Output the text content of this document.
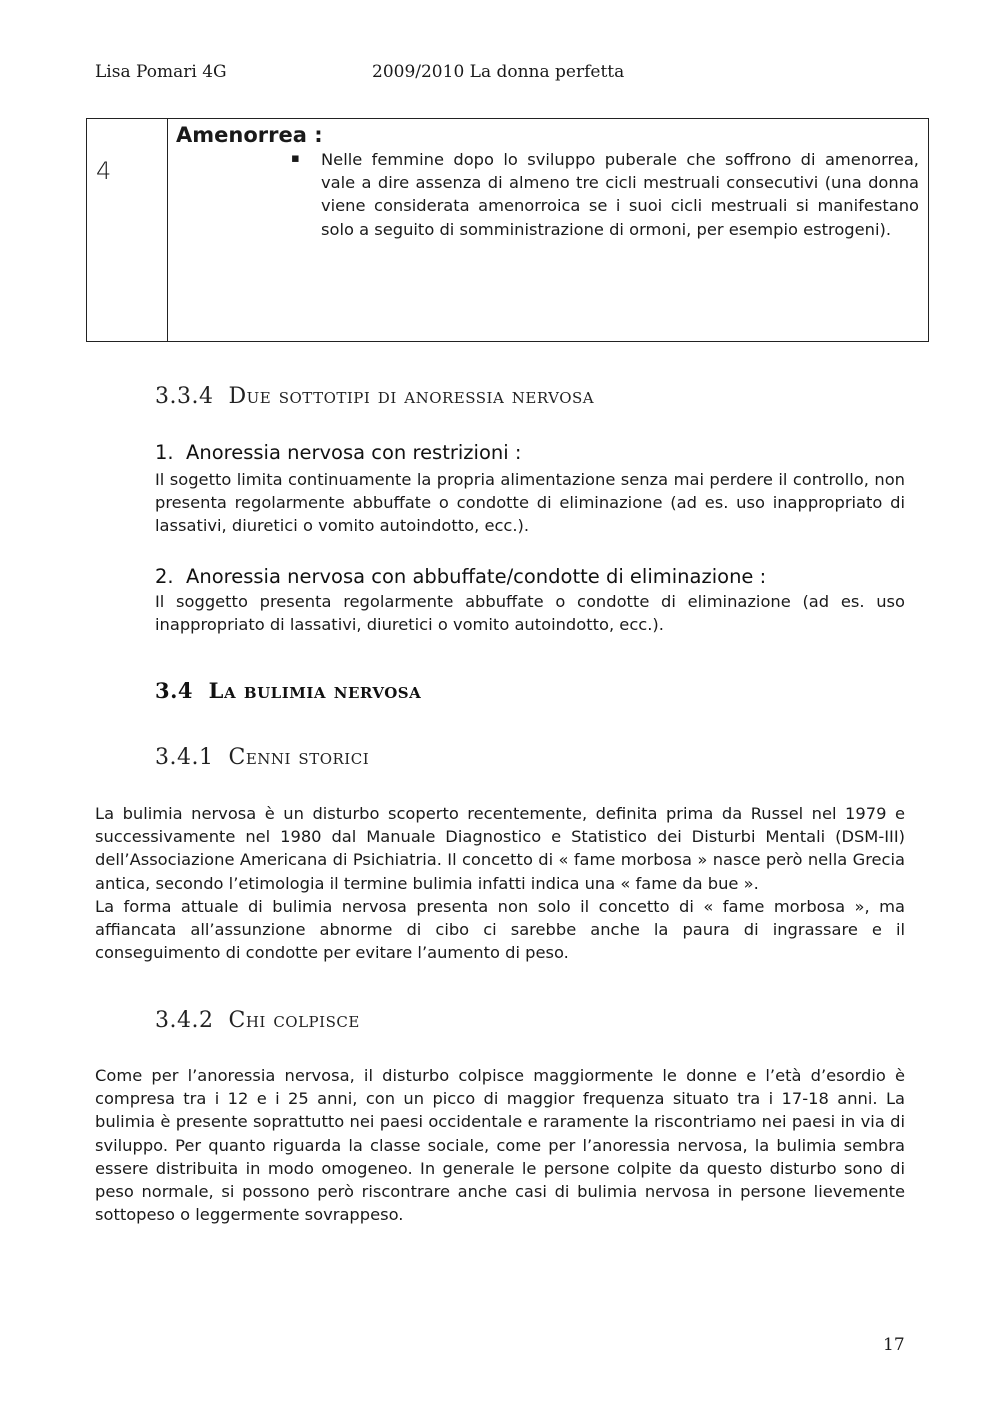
Lisa Pomari 4G	2009/2010 La donna perfetta
4
Amenorrea :
▪ Nelle femmine dopo lo sviluppo puberale che soffrono di amenorrea, vale a dire assenza di almeno tre cicli mestruali consecutivi (una donna viene considerata amenorroica se i suoi cicli mestruali si manifestano solo a seguito di somministrazione di ormoni, per esempio estrogeni).
3.3.4 Due sottotipi di anoressia nervosa
1. Anoressia nervosa con restrizioni :
Il sogetto limita continuamente la propria alimentazione senza mai perdere il controllo, non presenta regolarmente abbuffate o condotte di eliminazione (ad es. uso inappropriato di lassativi, diuretici o vomito autoindotto, ecc.).
2. Anoressia nervosa con abbuffate/condotte di eliminazione :
Il soggetto presenta regolarmente abbuffate o condotte di eliminazione (ad es. uso inappropriato di lassativi, diuretici o vomito autoindotto, ecc.).
3.4 La bulimia nervosa
3.4.1 Cenni storici

La bulimia nervosa è un disturbo scoperto recentemente, definita prima da Russel nel 1979 e successivamente nel 1980 dal Manuale Diagnostico e Statistico dei Disturbi Mentali (DSM-III) dell’Associazione Americana di Psichiatria. Il concetto di « fame morbosa » nasce però nella Grecia antica, secondo l’etimologia il termine bulimia infatti indica una « fame da bue ».

La forma attuale di bulimia nervosa presenta non solo il concetto di « fame morbosa », ma affiancata all’assunzione abnorme di cibo ci sarebbe anche la paura di ingrassare e il conseguimento di condotte per evitare l’aumento di peso.

3.4.2 Chi colpisce
Come per l’anoressia nervosa, il disturbo colpisce maggiormente le donne e l’età d’esordio è compresa tra i 12 e i 25 anni, con un picco di maggior frequenza situato tra i 17-18 anni. La bulimia è presente soprattutto nei paesi occidentale e raramente la riscontriamo nei paesi in via di sviluppo. Per quanto riguarda la classe sociale, come per l’anoressia nervosa, la bulimia sembra essere distribuita in modo omogeneo. In generale le persone colpite da questo disturbo sono di peso normale, si possono però riscontrare anche casi di bulimia nervosa in persone lievemente sottopeso o leggermente sovrappeso.
17
